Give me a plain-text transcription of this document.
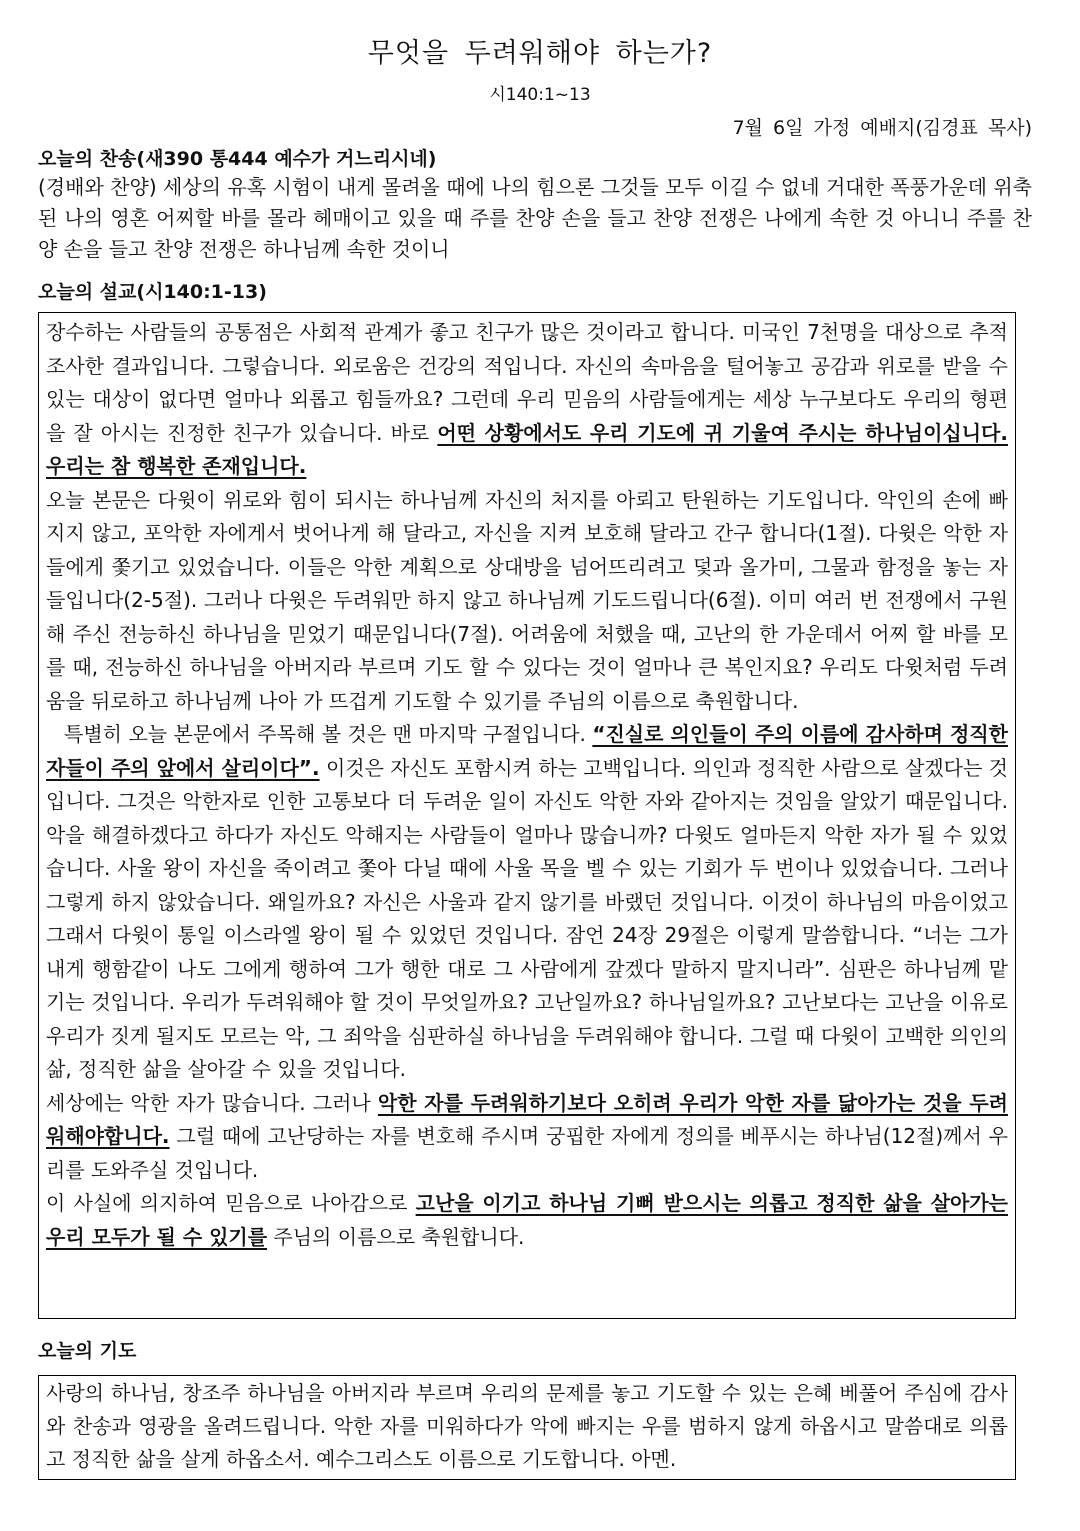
무엇을 두려워해야 하는가?
시140:1~13
7월 6일 가정 예배지(김경표 목사)
오늘의 찬송(새390 통444 예수가 거느리시네)

(경배와 찬양) 세상의 유혹 시험이 내게 몰려올 때에 나의 힘으론 그것들 모두 이길 수 없네 거대한 폭풍가운데 위축된 나의 영혼 어찌할 바를 몰라 헤매이고 있을 때 주를 찬양 손을 들고 찬양 전쟁은 나에게 속한 것 아니니 주를 찬양 손을 들고 찬양 전쟁은 하나님께 속한 것이니

오늘의 설교(시140:1-13)

장수하는 사람들의 공통점은 사회적 관계가 좋고 친구가 많은 것이라고 합니다. 미국인 7천명을 대상으로 추적 조사한 결과입니다. 그렇습니다. 외로움은 건강의 적입니다. 자신의 속마음을 털어놓고 공감과 위로를 받을 수 있는 대상이 없다면 얼마나 외롭고 힘들까요? 그런데 우리 믿음의 사람들에게는 세상 누구보다도 우리의 형편을 잘 아시는 진정한 친구가 있습니다. 바로 어떤 상황에서도 우리 기도에 귀 기울여 주시는 하나님이십니다. 우리는 참 행복한 존재입니다.

오늘 본문은 다윗이 위로와 힘이 되시는 하나님께 자신의 처지를 아뢰고 탄원하는 기도입니다. 악인의 손에 빠지지 않고, 포악한 자에게서 벗어나게 해 달라고, 자신을 지켜 보호해 달라고 간구 합니다(1절). 다윗은 악한 자들에게 쫓기고 있었습니다. 이들은 악한 계획으로 상대방을 넘어뜨리려고 덫과 올가미, 그물과 함정을 놓는 자들입니다(2-5절). 그러나 다윗은 두려워만 하지 않고 하나님께 기도드립니다(6절). 이미 여러 번 전쟁에서 구원해 주신 전능하신 하나님을 믿었기 때문입니다(7절). 어려움에 처했을 때, 고난의 한 가운데서 어찌 할 바를 모를 때, 전능하신 하나님을 아버지라 부르며 기도 할 수 있다는 것이 얼마나 큰 복인지요? 우리도 다윗처럼 두려움을 뒤로하고 하나님께 나아 가 뜨겁게 기도할 수 있기를 주님의 이름으로 축원합니다.

특별히 오늘 본문에서 주목해 볼 것은 맨 마지막 구절입니다. “진실로 의인들이 주의 이름에 감사하며 정직한 자들이 주의 앞에서 살리이다”. 이것은 자신도 포함시켜 하는 고백입니다. 의인과 정직한 사람으로 살겠다는 것입니다. 그것은 악한자로 인한 고통보다 더 두려운 일이 자신도 악한 자와 같아지는 것임을 알았기 때문입니다. 악을 해결하겠다고 하다가 자신도 악해지는 사람들이 얼마나 많습니까? 다윗도 얼마든지 악한 자가 될 수 있었습니다. 사울 왕이 자신을 죽이려고 쫓아 다닐 때에 사울 목을 벨 수 있는 기회가 두 번이나 있었습니다. 그러나 그렇게 하지 않았습니다. 왜일까요? 자신은 사울과 같지 않기를 바랬던 것입니다. 이것이 하나님의 마음이었고 그래서 다윗이 통일 이스라엘 왕이 될 수 있었던 것입니다. 잠언 24장 29절은 이렇게 말씀합니다. “너는 그가 내게 행함같이 나도 그에게 행하여 그가 행한 대로 그 사람에게 갚겠다 말하지 말지니라”. 심판은 하나님께 맡기는 것입니다. 우리가 두려워해야 할 것이 무엇일까요? 고난일까요? 하나님일까요? 고난보다는 고난을 이유로 우리가 짓게 될지도 모르는 악, 그 죄악을 심판하실 하나님을 두려워해야 합니다. 그럴 때 다윗이 고백한 의인의 삶, 정직한 삶을 살아갈 수 있을 것입니다.

세상에는 악한 자가 많습니다. 그러나 악한 자를 두려워하기보다 오히려 우리가 악한 자를 닮아가는 것을 두려워해야합니다. 그럴 때에 고난당하는 자를 변호해 주시며 궁핍한 자에게 정의를 베푸시는 하나님(12절)께서 우리를 도와주실 것입니다.

이 사실에 의지하여 믿음으로 나아감으로 고난을 이기고 하나님 기뻐 받으시는 의롭고 정직한 삶을 살아가는 우리 모두가 될 수 있기를 주님의 이름으로 축원합니다.

오늘의 기도

사랑의 하나님, 창조주 하나님을 아버지라 부르며 우리의 문제를 놓고 기도할 수 있는 은혜 베풀어 주심에 감사와 찬송과 영광을 올려드립니다. 악한 자를 미워하다가 악에 빠지는 우를 범하지 않게 하옵시고 말씀대로 의롭고 정직한 삶을 살게 하옵소서. 예수그리스도 이름으로 기도합니다. 아멘.
